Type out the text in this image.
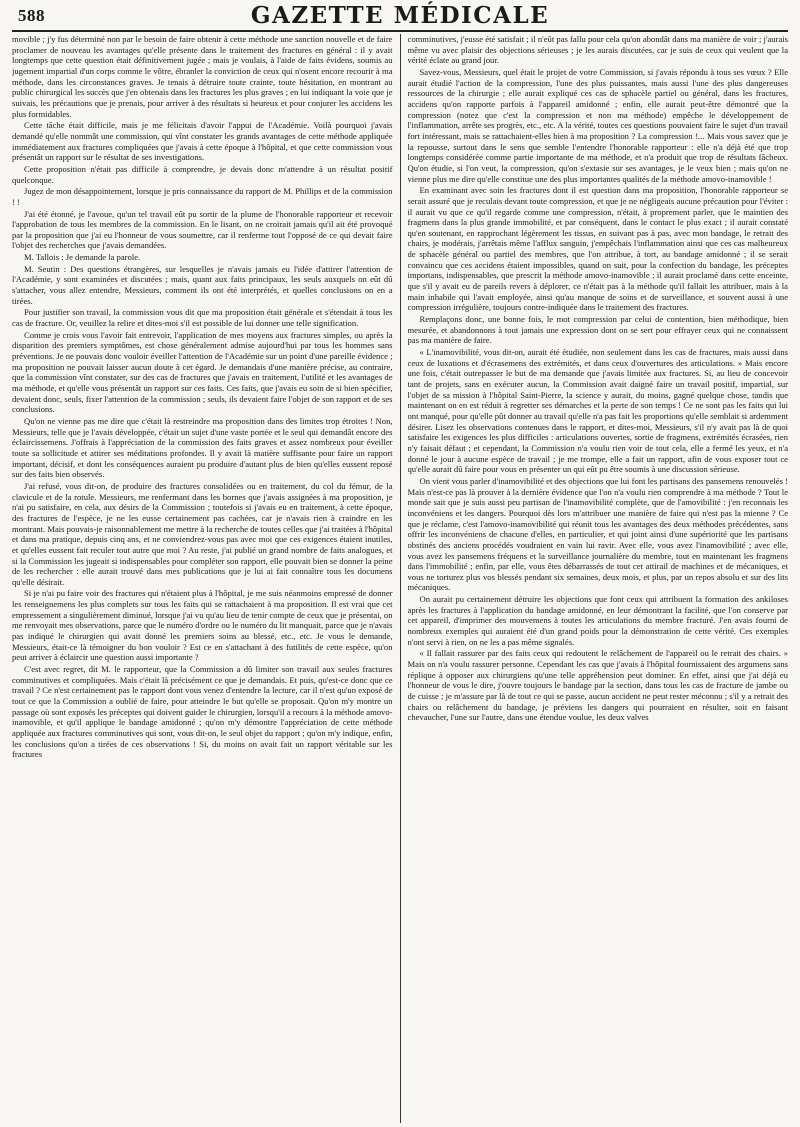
588	GAZETTE MÉDICALE

movible ; j'y fus déterminé non par le besoin de faire obtenir à cette méthode une sanction nouvelle et de faire proclamer de nouveau les avantages qu'elle présente dans le traitement des fractures en général : il y avait longtemps que cette question était définitivement jugée ; mais je voulais, à l'aide de faits évidens, soumis au jugement impartial d'un corps comme le vôtre, ébranler la conviction de ceux qui n'osent encore recourir à ma méthode, dans les circonstances graves. Je tenais à détruire toute crainte, toute hésitation, en montrant au public chirurgical les succès que j'en obtenais dans les fractures les plus graves ; en lui indiquant la voie que je suivais, les précautions que je prenais, pour arriver à des résultats si heureux et pour conjurer les accidens les plus formidables.

Cette tâche était difficile, mais je me félicitais d'avoir l'appui de l'Académie. Voilà pourquoi j'avais demandé qu'elle nommât une commission, qui vînt constater les grands avantages de cette méthode appliquée immédiatement aux fractures compliquées que j'avais à cette époque à l'hôpital, et que cette commission vous présentât un rapport sur le résultat de ses investigations.

Cette proposition n'était pas difficile à comprendre, je devais donc m'attendre à un résultat positif quelconque.

Jugez de mon désappointement, lorsque je pris connaissance du rapport de M. Phillips et de la commission ! !

J'ai été étonné, je l'avoue, qu'un tel travail eût pu sortir de la plume de l'honorable rapporteur et recevoir l'approbation de tous les membres de la commission. En le lisant, on ne croirait jamais qu'il ait été provoqué par la proposition que j'ai eu l'honneur de vous soumettre, car il renferme tout l'opposé de ce qui devait faire l'objet des recherches que j'avais demandées.

M. Tallois : Je demande la parole.

M. Seutin : Des questions étrangères, sur lesquelles je n'avais jamais eu l'idée d'attirer l'attention de l'Académie, y sont examinées et discutées ; mais, quant aux faits principaux, les seuls auxquels on eût dû s'attacher, vous allez entendre, Messieurs, comment ils ont été interprétés, et quelles conclusions on en a tirées.

Pour justifier son travail, la commission vous dit que ma proposition était générale et s'étendait à tous les cas de fracture. Or, veuillez la relire et dites-moi s'il est possible de lui donner une telle signification.

Comme je crois vous l'avoir fait entrevoir, l'application de mes moyens aux fractures simples, ou après la disparition des premiers symptômes, est chose généralement admise aujourd'hui par tous les hommes sans préventions. Je ne pouvais donc vouloir éveiller l'attention de l'Académie sur un point d'une pareille évidence ; ma proposition ne pouvait laisser aucun doute à cet égard. Je demandais d'une manière précise, au contraire, que la commission vînt constater, sur des cas de fractures que j'avais en traitement, l'utilité et les avantages de ma méthode, et qu'elle vous présentât un rapport sur ces faits. Ces faits, que j'avais eu soin de si bien spécifier, devaient donc, seuls, fixer l'attention de la commission ; seuls, ils devaient faire l'objet de son rapport et de ses conclusions.

Qu'on ne vienne pas me dire que c'était là restreindre ma proposition dans des limites trop étroites ! Non, Messieurs, telle que je l'avais développée, c'était un sujet d'une vaste portée et le seul qui demandât encore des éclaircissemens. J'offrais à l'appréciation de la commission des faits graves et assez nombreux pour éveiller toute sa sollicitude et attirer ses méditations profondes. Il y avait là matière suffisante pour faire un rapport important, décisif, et dont les conséquences auraient pu produire d'autant plus de bien qu'elles eussent reposé sur des faits bien observés.

J'ai refusé, vous dit-on, de produire des fractures consolidées ou en traitement, du col du fémur, de la clavicule et de la rotule. Messieurs, me renfermant dans les bornes que j'avais assignées à ma proposition, je n'ai pu satisfaire, en cela, aux désirs de la Commission ; toutefois si j'avais eu en traitement, à cette époque, des fractures de l'espèce, je ne les eusse certainement pas cachées, car je n'avais rien à craindre en les montrant. Mais pouvais-je raisonnablement me mettre à la recherche de toutes celles que j'ai traitées à l'hôpital et dans ma pratique, depuis cinq ans, et ne conviendrez-vous pas avec moi que ces exigences étaient inutiles, et qu'elles eussent fait reculer tout autre que moi ? Au reste, j'ai publié un grand nombre de faits analogues, et si la Commission les jugeait si indispensables pour compléter son rapport, elle pouvait bien se donner la peine de les rechercher : elle aurait trouvé dans mes publications que je lui ai fait connaître tous les documens qu'elle désirait.

Si je n'ai pu faire voir des fractures qui n'étaient plus à l'hôpital, je me suis néanmoins empressé de donner les renseignemens les plus complets sur tous les faits qui se rattachaient à ma proposition. Il est vrai que cet empressement a singulièrement diminué, lorsque j'ai vu qu'au lieu de tenir compte de ceux que je présentai, on me renvoyait mes observations, parce que le numéro d'ordre ou le numéro du lit manquait, parce que je n'avais pas indiqué le chirurgien qui avait donné les premiers soins au blessé, etc., etc. Je vous le demande, Messieurs, était-ce là témoigner du bon vouloir ? Est ce en s'attachant à des futilités de cette espèce, qu'on peut arriver à éclaircir une question aussi importante ?

C'est avec regret, dit M. le rapporteur, que la Commission a dû limiter son travail aux seules fractures comminutives et compliquées. Mais c'était là précisément ce que je demandais. Et puis, qu'est-ce donc que ce travail ? Ce n'est certainement pas le rapport dont vous venez d'entendre la lecture, car il n'est qu'un exposé de tout ce que la Commission a oublié de faire, pour atteindre le but qu'elle se proposait. Qu'on m'y montre un passage où sont exposés les préceptes qui doivent guider le chirurgien, lorsqu'il a recours à la méthode amovo-inamovible, et qu'il applique le bandage amidonné ; qu'on m'y démontre l'appréciation de cette méthode appliquée aux fractures comminutives qui sont, vous dit-on, le seul objet du rapport ; qu'on m'y indique, enfin, les conclusions qu'on a tirées de ces observations ! Si, du moins on avait fait un rapport véritable sur les fractures

comminutives, j'eusse été satisfait ; il n'eût pas fallu pour cela qu'on abondât dans ma manière de voir ; j'aurais même vu avec plaisir des objections sérieuses ; je les aurais discutées, car je suis de ceux qui veulent que la vérité éclate au grand jour.

Savez-vous, Messieurs, quel était le projet de votre Commission, si j'avais répondu à tous ses vœux ? Elle aurait étudié l'action de la compression, l'une des plus puissantes, mais aussi l'une des plus dangereuses ressources de la chirurgie ; elle aurait expliqué ces cas de sphacèle partiel ou général, dans les fractures, accidens qu'on rapporte parfois à l'appareil amidonné ; enfin, elle aurait peut-être démontré que la compression (notez que c'est la compression et non ma méthode) empêche le développement de l'inflammation, arrête ses progrès, etc., etc. A la vérité, toutes ces questions pouvaient faire le sujet d'un travail fort intéressant, mais se rattachaient-elles bien à ma proposition ? La compression !... Mais vous savez que je la repousse, surtout dans le sens que semble l'entendre l'honorable rapporteur : elle n'a déjà été que trop longtemps considérée comme partie importante de ma méthode, et n'a produit que trop de résultats fâcheux. Qu'on étudie, si l'on veut, la compression, qu'on s'extasie sur ses avantages, je le veux bien ; mais qu'on ne vienne plus me dire qu'elle constitue une des plus importantes qualités de la méthode amovo-inamovible !

En examinant avec soin les fractures dont il est question dans ma proposition, l'honorable rapporteur se serait assuré que je reculais devant toute compression, et que je ne négligeais aucune précaution pour l'éviter : il aurait vu que ce qu'il regarde comme une compression, n'était, à proprement parler, que le maintien des fragmens dans la plus grande immobilité, et par conséquent, dans le contact le plus exact ; il aurait constaté qu'en soutenant, en rapprochant légèrement les tissus, en suivant pas à pas, avec mon bandage, le retrait des chairs, je modérais, j'arrêtais même l'afflux sanguin, j'empêchais l'inflammation ainsi que ces cas malheureux de sphacèle général ou partiel des membres, que l'on attribue, à tort, au bandage amidonné ; il se serait convaincu que ces accidens étaient impossibles, quand on suit, pour la confection du bandage, les préceptes importans, indispensables, que prescrit la méthode amovo-inamovible ; il aurait proclamé dans cette enceinte, que s'il y avait eu de pareils revers à déplorer, ce n'était pas à la méthode qu'il fallait les attribuer, mais à la main inhabile qui l'avait employée, ainsi qu'au manque de soins et de surveillance, et souvent aussi à une compression irrégulière, toujours contre-indiquée dans le traitement des fractures.

Remplaçons donc, une bonne fois, le mot compression par celui de contention, bien méthodique, bien mesurée, et abandonnons à tout jamais une expression dont on se sert pour effrayer ceux qui ne connaissent pas ma manière de faire.

« L'inamovibilité, vous dit-on, aurait été étudiée, non seulement dans les cas de fractures, mais aussi dans ceux de luxations et d'écrasemens des extrémités, et dans ceux d'ouvertures des articulations. » Mais encore une fois, c'était outrepasser le but de ma demande que j'avais limitée aux fractures. Si, au lieu de concevoir tant de projets, sans en exécuter aucun, la Commission avait daigné faire un travail positif, impartial, sur l'objet de sa mission à l'hôpital Saint-Pierre, la science y aurait, du moins, gagné quelque chose, tandis que maintenant on en est réduit à regretter ses démarches et la perte de son temps ! Ce ne sont pas les faits qui lui ont manqué, pour qu'elle pût donner au travail qu'elle n'a pas fait les proportions qu'elle semblait si ardemment désirer. Lisez les observations contenues dans le rapport, et dites-moi, Messieurs, s'il n'y avait pas là de quoi satisfaire les exigences les plus difficiles : articulations ouvertes, sortie de fragmens, extrémités écrasées, rien n'y faisait défaut ; et cependant, la Commission n'a voulu rien voir de tout cela, elle a fermé les yeux, et n'a donné le jour à aucune espèce de travail ; je me trompe, elle a fait un rapport, afin de vous exposer tout ce qu'elle aurait dû faire pour vous en présenter un qui eût pu être soumis à une discussion sérieuse.

On vient vous parler d'inamovibilité et des objections que lui font les partisans des pansemens renouvelés ! Mais n'est-ce pas là prouver à la dernière évidence que l'on n'a voulu rien comprendre à ma méthode ? Tout le monde sait que je suis aussi peu partisan de l'inamovibilité complète, que de l'amovibilité : j'en reconnais les inconvéniens et les dangers. Pourquoi dès lors m'attribuer une manière de faire qui n'est pas la mienne ? Ce que je réclame, c'est l'amovo-inamovibilité qui réunit tous les avantages des deux méthodes précédentes, sans offrir les inconvéniens de chacune d'elles, en particulier, et qui joint ainsi d'une supériorité que les partisans obstinés des anciens procédés voudraient en vain lui ravir. Avec elle, vous avez l'inamovibilité ; avec elle, vous avez les pansemens fréquens et la surveillance journalière du membre, tout en maintenant les fragmens dans l'immobilité ; enfin, par elle, vous êtes débarrassés de tout cet attirail de machines et de mécaniques, et vous ne torturez plus vos blessés pendant six semaines, deux mois, et plus, par un repos absolu et sur des lits mécaniques.

On aurait pu certainement détruire les objections que font ceux qui attribuent la formation des ankiloses après les fractures à l'application du bandage amidonné, en leur démontrant la facilité, que l'on conserve par cet appareil, d'imprimer des mouvemens à toutes les articulations du membre fracturé. J'en avais fourni de nombreux exemples qui auraient été d'un grand poids pour la démonstration de cette vérité. Ces exemples n'ont servi à rien, on ne les a pas même signalés.

« Il fallait rassurer par des faits ceux qui redoutent le relâchement de l'appareil ou le retrait des chairs. » Mais on n'a voulu rassurer personne. Cependant les cas que j'avais à l'hôpital fournissaient des argumens sans réplique à opposer aux chirurgiens qu'une telle appréhension peut dominer. En effet, ainsi que j'ai déjà eu l'honneur de vous le dire, j'ouvre toujours le bandage par la section, dans tous les cas de fracture de jambe ou de cuisse ; je m'assure par là de tout ce qui se passe, aucun accident ne peut rester méconnu ; s'il y a retrait des chairs ou relâchement du bandage, je préviens les dangers qui pourraient en résulter, soit en faisant chevaucher, l'une sur l'autre, dans une étendue voulue, les deux valves
